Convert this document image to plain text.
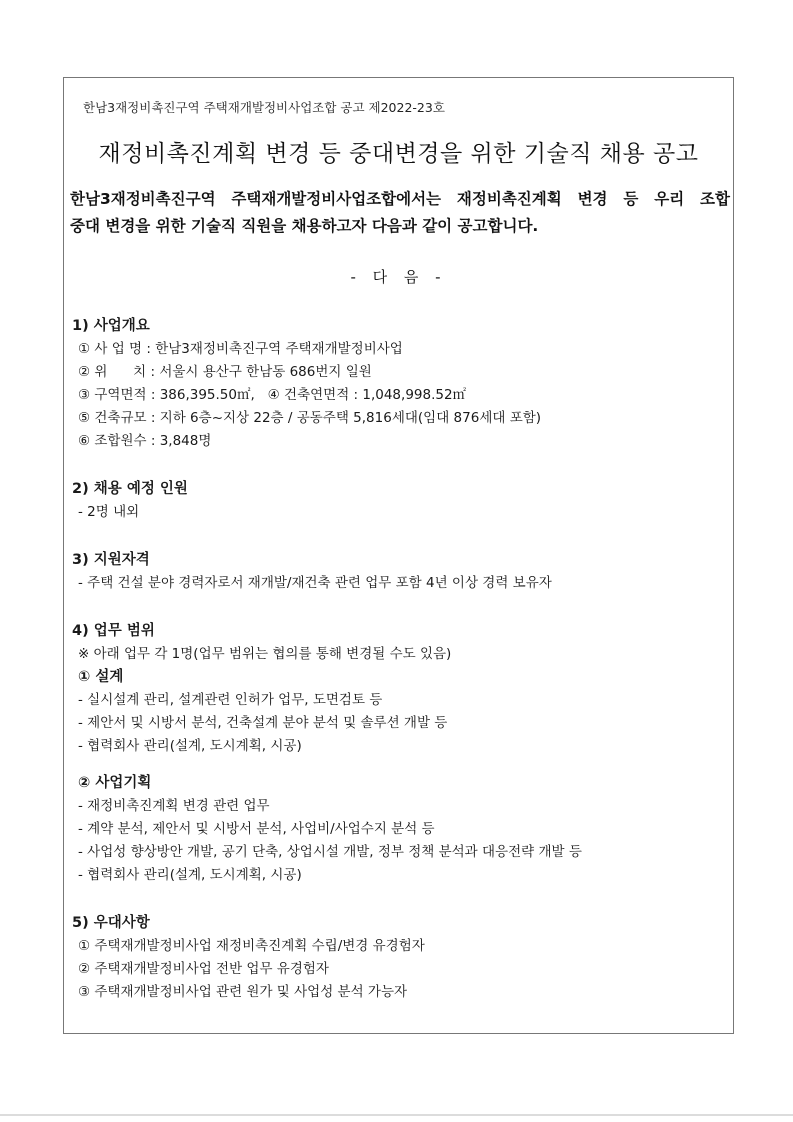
한남3재정비촉진구역 주택재개발정비사업조합 공고 제2022-23호
재정비촉진계획 변경 등 중대변경을 위한 기술직 채용 공고
한남3재정비촉진구역 주택재개발정비사업조합에서는 재정비촉진계획 변경 등 우리 조합
중대 변경을 위한 기술직 직원을 채용하고자 다음과 같이 공고합니다.
- 다 음 -
1) 사업개요
① 사 업 명 : 한남3재정비촉진구역 주택재개발정비사업
② 위      치 : 서울시 용산구 한남동 686번지 일원
③ 구역면적 : 386,395.50㎡,   ④ 건축연면적 : 1,048,998.52㎡
⑤ 건축규모 : 지하 6층~지상 22층 / 공동주택 5,816세대(임대 876세대 포함)
⑥ 조합원수 : 3,848명
2) 채용 예정 인원
- 2명 내외
3) 지원자격
- 주택 건설 분야 경력자로서 재개발/재건축 관련 업무 포함 4년 이상 경력 보유자
4) 업무 범위
※ 아래 업무 각 1명(업무 범위는 협의를 통해 변경될 수도 있음)
① 설계
- 실시설계 관리, 설계관련 인허가 업무, 도면검토 등
- 제안서 및 시방서 분석, 건축설계 분야 분석 및 솔루션 개발 등
- 협력회사 관리(설계, 도시계획, 시공)
② 사업기획
- 재정비촉진계획 변경 관련 업무
- 계약 분석, 제안서 및 시방서 분석, 사업비/사업수지 분석 등
- 사업성 향상방안 개발, 공기 단축, 상업시설 개발, 정부 정책 분석과 대응전략 개발 등
- 협력회사 관리(설계, 도시계획, 시공)
5) 우대사항
① 주택재개발정비사업 재정비촉진계획 수립/변경 유경험자
② 주택재개발정비사업 전반 업무 유경험자
③ 주택재개발정비사업 관련 원가 및 사업성 분석 가능자
